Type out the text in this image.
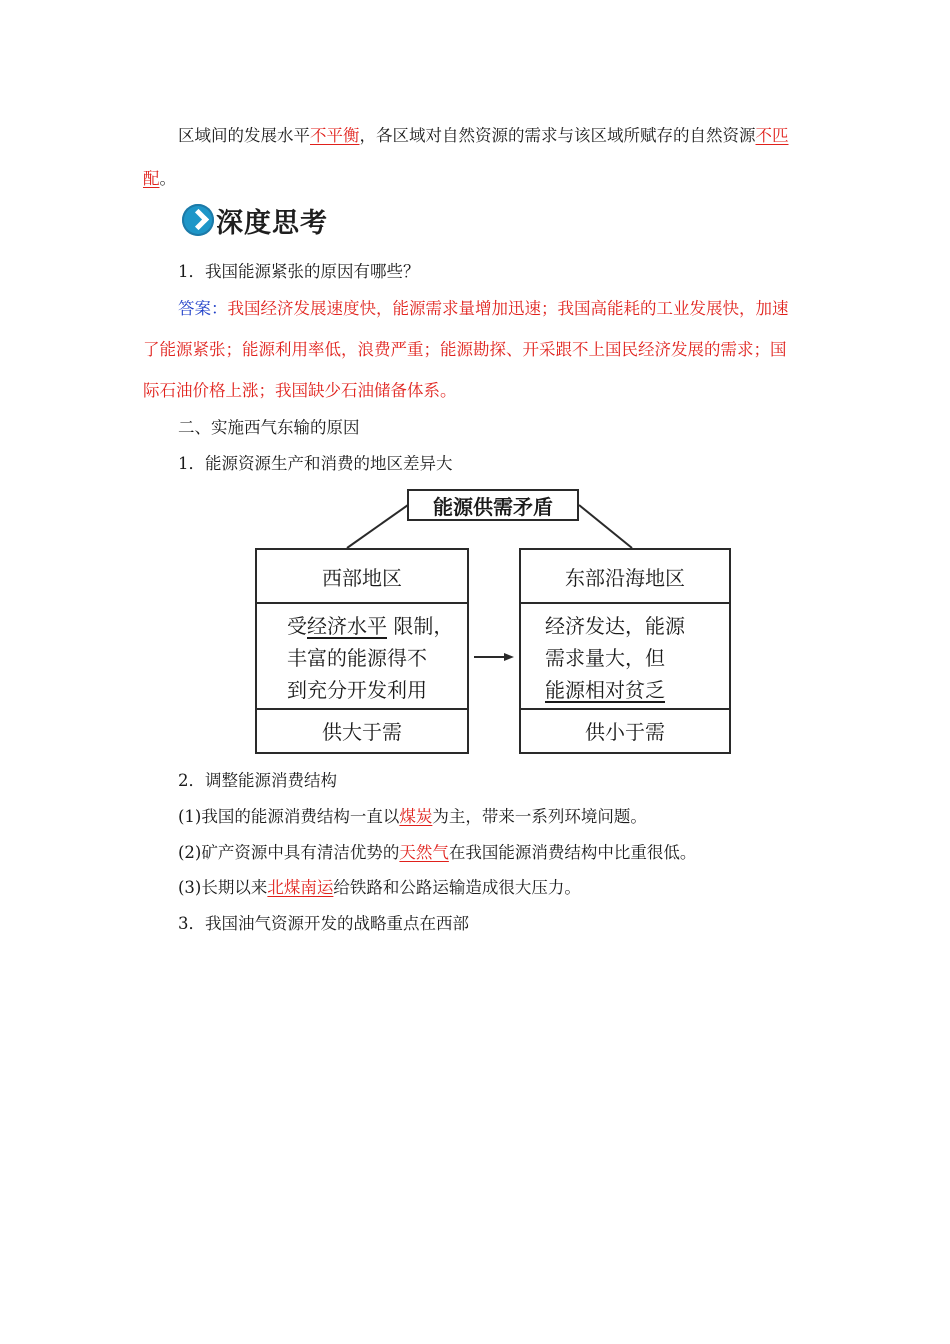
区域间的发展水平不平衡，各区域对自然资源的需求与该区域所赋存的自然资源不匹
配。
深度思考
1．我国能源紧张的原因有哪些？
答案：我国经济发展速度快，能源需求量增加迅速；我国高能耗的工业发展快，加速
了能源紧张；能源利用率低，浪费严重；能源勘探、开采跟不上国民经济发展的需求；国
际石油价格上涨；我国缺少石油储备体系。
二、实施西气东输的原因
1．能源资源生产和消费的地区差异大
能源供需矛盾
西部地区
受经济水平 限制，
丰富的能源得不
到充分开发利用
供大于需
东部沿海地区
经济发达，能源
需求量大，但
能源相对贫乏
供小于需
2．调整能源消费结构
(1)我国的能源消费结构一直以煤炭为主，带来一系列环境问题。
(2)矿产资源中具有清洁优势的天然气在我国能源消费结构中比重很低。
(3)长期以来北煤南运给铁路和公路运输造成很大压力。
3．我国油气资源开发的战略重点在西部
